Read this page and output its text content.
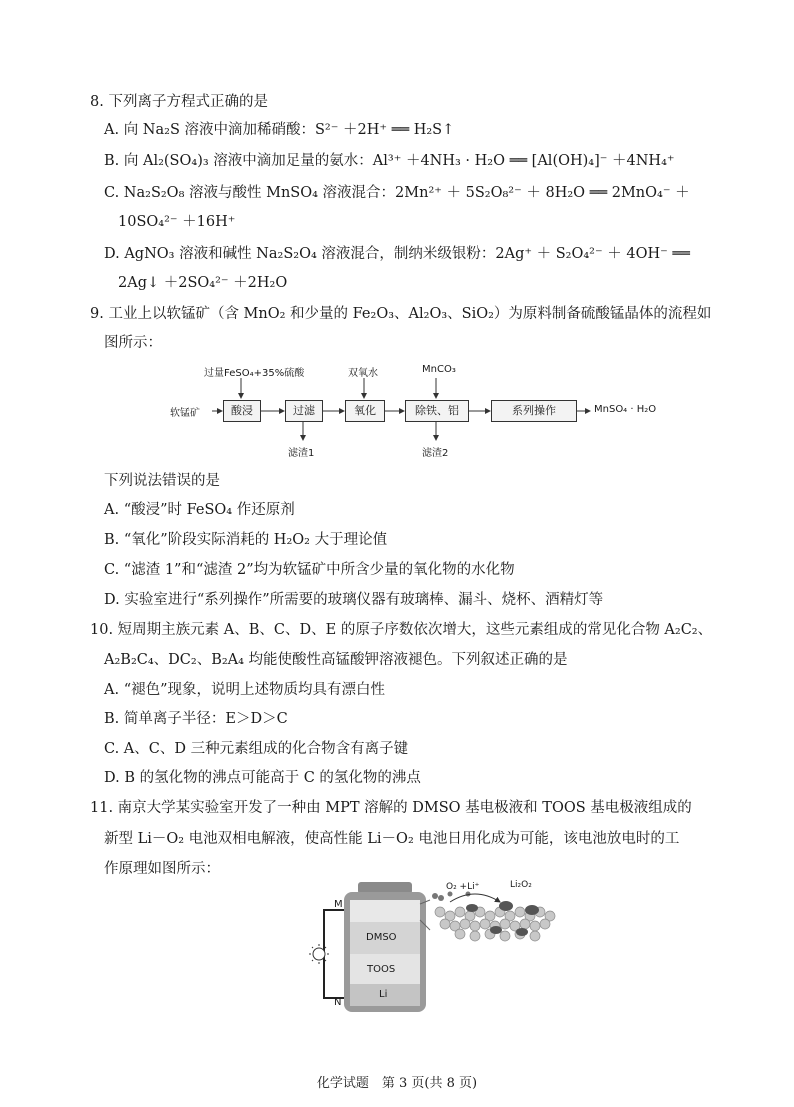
8. 下列离子方程式正确的是
A. 向 Na₂S 溶液中滴加稀硝酸：S²⁻ ＋2H⁺ ══ H₂S↑
B. 向 Al₂(SO₄)₃ 溶液中滴加足量的氨水：Al³⁺ ＋4NH₃ · H₂O ══ [Al(OH)₄]⁻ ＋4NH₄⁺
C. Na₂S₂O₈ 溶液与酸性 MnSO₄ 溶液混合：2Mn²⁺ ＋ 5S₂O₈²⁻ ＋ 8H₂O ══ 2MnO₄⁻ ＋
10SO₄²⁻ ＋16H⁺
D. AgNO₃ 溶液和碱性 Na₂S₂O₄ 溶液混合，制纳米级银粉：2Ag⁺ ＋ S₂O₄²⁻ ＋ 4OH⁻ ══
2Ag↓ ＋2SO₄²⁻ ＋2H₂O
9. 工业上以软锰矿（含 MnO₂ 和少量的 Fe₂O₃、Al₂O₃、SiO₂）为原料制备硫酸锰晶体的流程如
图所示：
过量FeSO₄+35%硫酸	双氧水	MnCO₃
软锰矿	酸浸	过滤	氧化	除铁、铝	系列操作	MnSO₄ · H₂O
滤渣1	滤渣2
下列说法错误的是
A. “酸浸”时 FeSO₄ 作还原剂
B. “氧化”阶段实际消耗的 H₂O₂ 大于理论值
C. “滤渣 1”和“滤渣 2”均为软锰矿中所含少量的氧化物的水化物
D. 实验室进行“系列操作”所需要的玻璃仪器有玻璃棒、漏斗、烧杯、酒精灯等
10. 短周期主族元素 A、B、C、D、E 的原子序数依次增大，这些元素组成的常见化合物 A₂C₂、
A₂B₂C₄、DC₂、B₂A₄ 均能使酸性高锰酸钾溶液褪色。下列叙述正确的是
A. “褪色”现象，说明上述物质均具有漂白性
B. 简单离子半径：E＞D＞C
C. A、C、D 三种元素组成的化合物含有离子键
D. B 的氢化物的沸点可能高于 C 的氢化物的沸点
11. 南京大学某实验室开发了一种由 MPT 溶解的 DMSO 基电极液和 TOOS 基电极液组成的
新型 Li－O₂ 电池双相电解液，使高性能 Li－O₂ 电池日用化成为可能，该电池放电时的工
作原理如图所示：
O₂ +Li⁺	Li₂O₂
M
N
DMSO
TOOS
Li
化学试题　第 3 页(共 8 页)
